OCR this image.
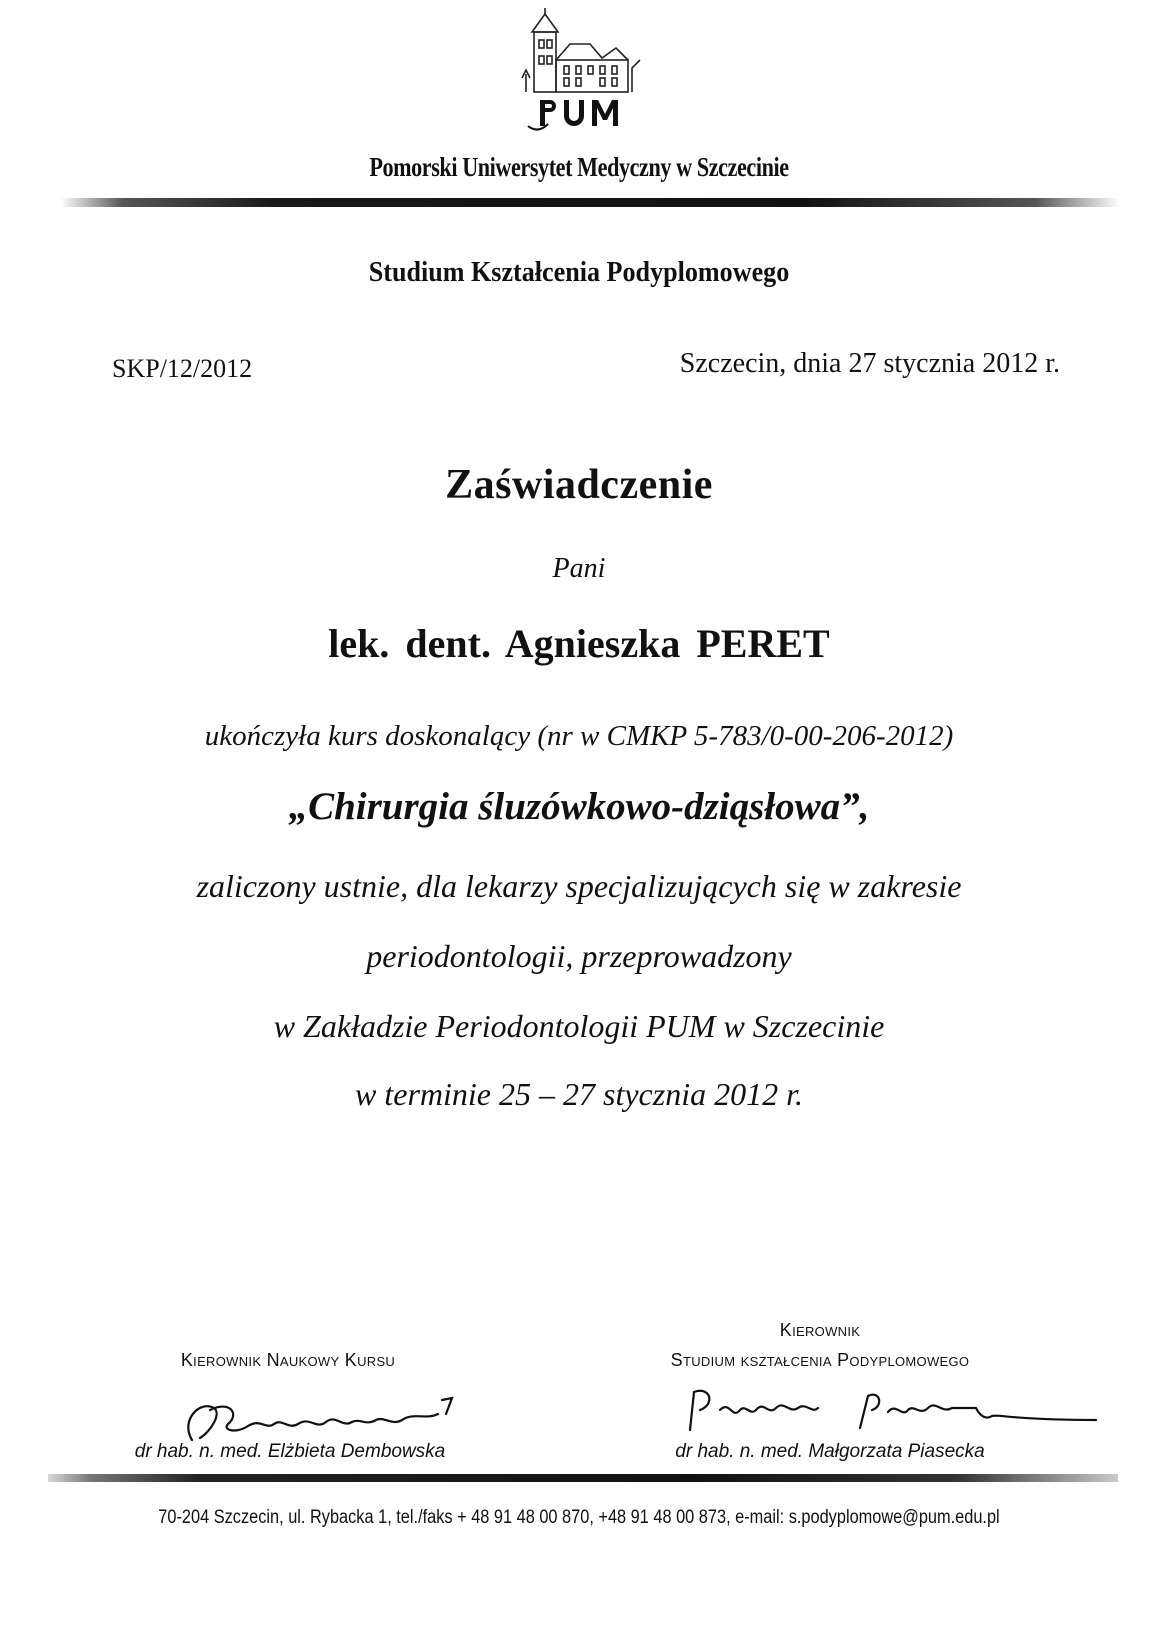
Pomorski Uniwersytet Medyczny w Szczecinie
Studium Kształcenia Podyplomowego
SKP/12/2012	Szczecin, dnia 27 stycznia 2012 r.
Zaświadczenie
Pani
lek. dent. Agnieszka PERET
ukończyła kurs doskonalący (nr w CMKP 5-783/0-00-206-2012)
„Chirurgia śluzówkowo-dziąsłowa”,
zaliczony ustnie, dla lekarzy specjalizujących się w zakresie
periodontologii, przeprowadzony
w Zakładzie Periodontologii PUM w Szczecinie
w terminie 25 – 27 stycznia 2012 r.
Kierownik Naukowy Kursu
Kierownik
Studium kształcenia Podyplomowego
dr hab. n. med. Elżbieta Dembowska	dr hab. n. med. Małgorzata Piasecka
70-204 Szczecin, ul. Rybacka 1, tel./faks + 48 91 48 00 870, +48 91 48 00 873, e-mail: s.podyplomowe@pum.edu.pl
